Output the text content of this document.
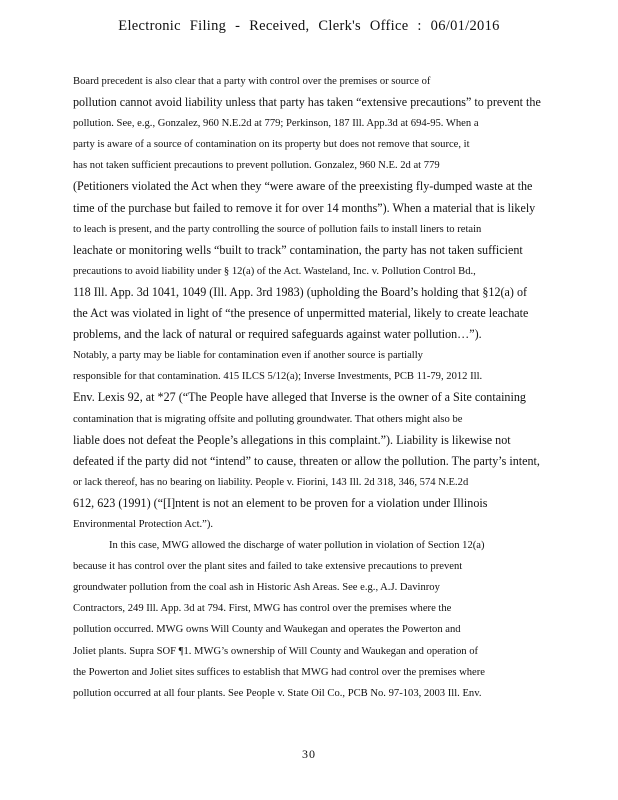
Electronic Filing - Received, Clerk's Office : 06/01/2016
Board precedent is also clear that a party with control over the premises or source of
pollution cannot avoid liability unless that party has taken “extensive precautions” to prevent the
pollution. See, e.g., Gonzalez, 960 N.E.2d at 779; Perkinson, 187 Ill. App.3d at 694-95. When a
party is aware of a source of contamination on its property but does not remove that source, it
has not taken sufficient precautions to prevent pollution. Gonzalez, 960 N.E. 2d at 779
(Petitioners violated the Act when they “were aware of the preexisting fly-dumped waste at the
time of the purchase but failed to remove it for over 14 months”). When a material that is likely
to leach is present, and the party controlling the source of pollution fails to install liners to retain
leachate or monitoring wells “built to track” contamination, the party has not taken sufficient
precautions to avoid liability under § 12(a) of the Act. Wasteland, Inc. v. Pollution Control Bd.,
118 Ill. App. 3d 1041, 1049 (Ill. App. 3rd 1983) (upholding the Board’s holding that §12(a) of
the Act was violated in light of “the presence of unpermitted material, likely to create leachate
problems, and the lack of natural or required safeguards against water pollution…”).
Notably, a party may be liable for contamination even if another source is partially
responsible for that contamination. 415 ILCS 5/12(a); Inverse Investments, PCB 11-79, 2012 Ill.
Env. Lexis 92, at *27 (“The People have alleged that Inverse is the owner of a Site containing
contamination that is migrating offsite and polluting groundwater. That others might also be
liable does not defeat the People’s allegations in this complaint.”). Liability is likewise not
defeated if the party did not “intend” to cause, threaten or allow the pollution. The party’s intent,
or lack thereof, has no bearing on liability. People v. Fiorini, 143 Ill. 2d 318, 346, 574 N.E.2d
612, 623 (1991) (“[I]ntent is not an element to be proven for a violation under Illinois
Environmental Protection Act.”).
In this case, MWG allowed the discharge of water pollution in violation of Section 12(a)
because it has control over the plant sites and failed to take extensive precautions to prevent
groundwater pollution from the coal ash in Historic Ash Areas. See e.g., A.J. Davinroy
Contractors, 249 Ill. App. 3d at 794. First, MWG has control over the premises where the
pollution occurred. MWG owns Will County and Waukegan and operates the Powerton and
Joliet plants. Supra SOF ¶1. MWG’s ownership of Will County and Waukegan and operation of
the Powerton and Joliet sites suffices to establish that MWG had control over the premises where
pollution occurred at all four plants. See People v. State Oil Co., PCB No. 97-103, 2003 Ill. Env.
30
